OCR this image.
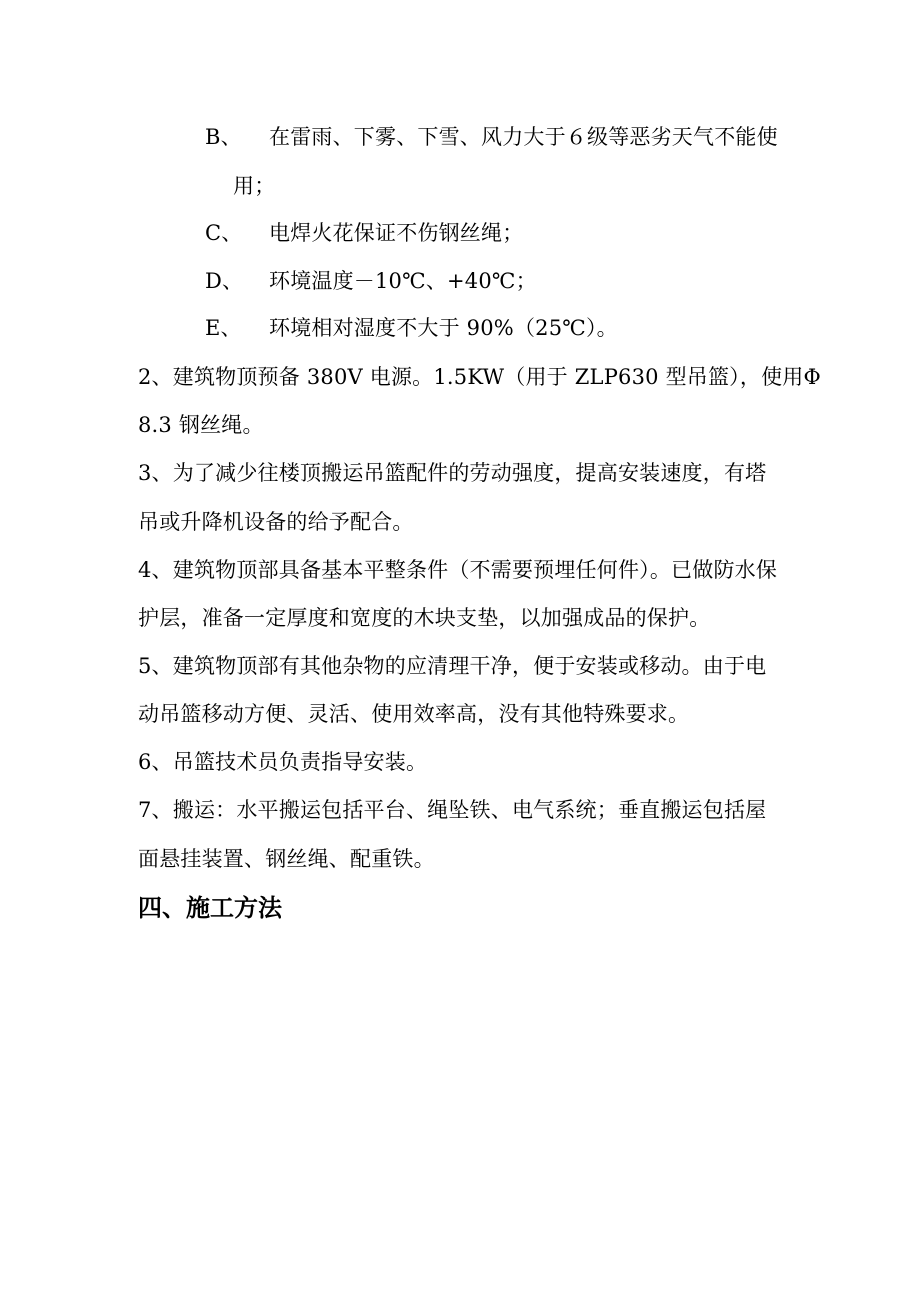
B、 在雷雨、下雾、下雪、风力大于６级等恶劣天气不能使
用；
C、 电焊火花保证不伤钢丝绳；
D、 环境温度－10℃、+40℃；
E、 环境相对湿度不大于 90%（25℃）。
2、建筑物顶预备 380V 电源。1.5KW（用于 ZLP630 型吊篮），使用Φ
8.3 钢丝绳。
3、为了减少往楼顶搬运吊篮配件的劳动强度，提高安装速度，有塔
吊或升降机设备的给予配合。
4、建筑物顶部具备基本平整条件（不需要预埋任何件）。已做防水保
护层，准备一定厚度和宽度的木块支垫，以加强成品的保护。
5、建筑物顶部有其他杂物的应清理干净，便于安装或移动。由于电
动吊篮移动方便、灵活、使用效率高，没有其他特殊要求。
6、吊篮技术员负责指导安装。
7、搬运：水平搬运包括平台、绳坠铁、电气系统；垂直搬运包括屋
面悬挂装置、钢丝绳、配重铁。
四、施工方法
